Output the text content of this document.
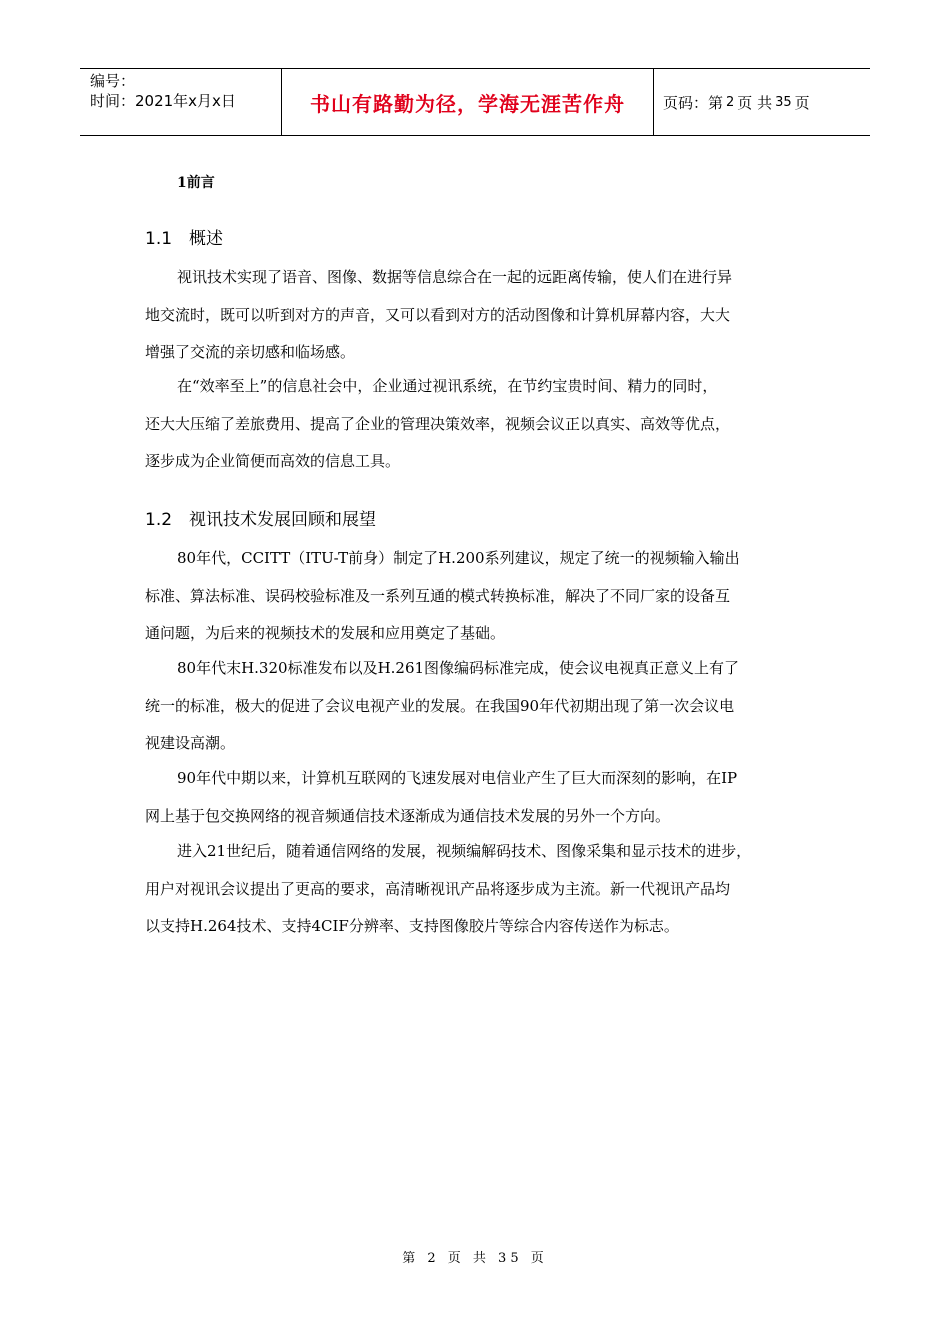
编号：
时间：2021年x月x日	书山有路勤为径，学海无涯苦作舟	页码：第 2 页 共 35 页
1前言
1.1 概述
视讯技术实现了语音、图像、数据等信息综合在一起的远距离传输，使人们在进行异
地交流时，既可以听到对方的声音，又可以看到对方的活动图像和计算机屏幕内容，大大
增强了交流的亲切感和临场感。
在“效率至上”的信息社会中，企业通过视讯系统，在节约宝贵时间、精力的同时，
还大大压缩了差旅费用、提高了企业的管理决策效率，视频会议正以真实、高效等优点，
逐步成为企业简便而高效的信息工具。
1.2 视讯技术发展回顾和展望
80年代，CCITT（ITU-T前身）制定了H.200系列建议，规定了统一的视频输入输出
标准、算法标准、误码校验标准及一系列互通的模式转换标准，解决了不同厂家的设备互
通问题，为后来的视频技术的发展和应用奠定了基础。
80年代末H.320标准发布以及H.261图像编码标准完成，使会议电视真正意义上有了
统一的标准，极大的促进了会议电视产业的发展。在我国90年代初期出现了第一次会议电
视建设高潮。
90年代中期以来，计算机互联网的飞速发展对电信业产生了巨大而深刻的影响，在IP
网上基于包交换网络的视音频通信技术逐渐成为通信技术发展的另外一个方向。
进入21世纪后，随着通信网络的发展，视频编解码技术、图像采集和显示技术的进步，
用户对视讯会议提出了更高的要求，高清晰视讯产品将逐步成为主流。新一代视讯产品均
以支持H.264技术、支持4CIF分辨率、支持图像胶片等综合内容传送作为标志。
第 2 页 共 35 页
